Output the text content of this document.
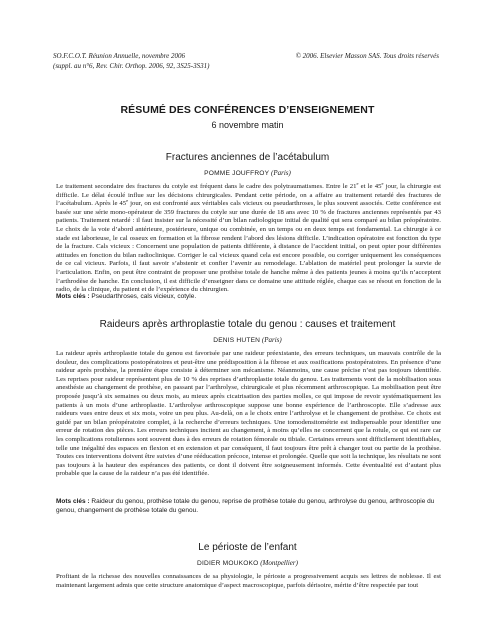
SO.F.C.O.T. Réunion Annuelle, novembre 2006
(suppl. au n°6, Rev. Chir. Orthop. 2006, 92, 3S25-3S31)
© 2006. Elsevier Masson SAS. Tous droits réservés
RÉSUMÉ DES CONFÉRENCES D’ENSEIGNEMENT
6 novembre matin
Fractures anciennes de l’acétabulum
POMME JOUFFROY (Paris)
Le traitement secondaire des fractures du cotyle est fréquent dans le cadre des polytraumatismes. Entre le 21e et le 45e jour, la chirurgie est difficile. Le délai écoulé influe sur les décisions chirurgicales. Pendant cette période, on a affaire au traitement retardé des fractures de l’acétabulum. Après le 45e jour, on est confronté aux véritables cals vicieux ou pseudarthroses, le plus souvent associés. Cette conférence est basée sur une série mono-opérateur de 359 fractures du cotyle sur une durée de 18 ans avec 10 % de fractures anciennes représentés par 43 patients. Traitement retardé : il faut insister sur la nécessité d’un bilan radiologique initial de qualité qui sera comparé au bilan préopératoire. Le choix de la voie d’abord antérieure, postérieure, unique ou combinée, en un temps ou en deux temps est fondamental. La chirurgie à ce stade est laborieuse, le cal osseux en formation et la fibrose rendent l’abord des lésions difficile. L’indication opératoire est fonction du type de la fracture. Cals vicieux : Concernent une population de patients différente, à distance de l’accident initial, on peut opter pour différentes attitudes en fonction du bilan radioclinique. Corriger le cal vicieux quand cela est encore possible, ou corriger uniquement les conséquences de ce cal vicieux. Parfois, il faut savoir s’abstenir et confier l’avenir au remodelage. L’ablation de matériel peut prolonger la survie de l’articulation. Enfin, on peut être contraint de proposer une prothèse totale de hanche même à des patients jeunes à moins qu’ils n’acceptent l’arthrodèse de hanche. En conclusion, il est difficile d’enseigner dans ce domaine une attitude réglée, chaque cas se résout en fonction de la radio, de la clinique, du patient et de l’expérience du chirurgien.
Mots clés : Pseudarthroses, cals vicieux, cotyle.
Raideurs après arthroplastie totale du genou : causes et traitement
DENIS HUTEN (Paris)
La raideur après arthroplastie totale du genou est favorisée par une raideur préexistante, des erreurs techniques, un mauvais contrôle de la douleur, des complications postopératoires et peut-être une prédisposition à la fibrose et aux ossifications postopératoires. En présence d’une raideur après prothèse, la première étape consiste à déterminer son mécanisme. Néanmoins, une cause précise n’est pas toujours identifiée. Les reprises pour raideur représentent plus de 10 % des reprises d’arthroplastie totale du genou. Les traitements vont de la mobilisation sous anesthésie au changement de prothèse, en passant par l’arthrolyse, chirurgicale et plus récemment arthroscopique. La mobilisation peut être proposée jusqu’à six semaines ou deux mois, au mieux après cicatrisation des parties molles, ce qui impose de revoir systématiquement les patients à un mois d’une arthroplastie. L’arthrolyse arthroscopique suppose une bonne expérience de l’arthroscopie. Elle s’adresse aux raideurs vues entre deux et six mois, voire un peu plus. Au-delà, on a le choix entre l’arthrolyse et le changement de prothèse. Ce choix est guidé par un bilan préopératoire complet, à la recherche d’erreurs techniques. Une tomodensitométrie est indispensable pour identifier une erreur de rotation des pièces. Les erreurs techniques incitent au changement, à moins qu’elles ne concernent que la rotule, ce qui est rare car les complications rotuliennes sont souvent dues à des erreurs de rotation fémorale ou tibiale. Certaines erreurs sont difficilement identifiables, telle une inégalité des espaces en flexion et en extension et par conséquent, il faut toujours être prêt à changer tout ou partie de la prothèse. Toutes ces interventions doivent être suivies d’une rééducation précoce, intense et prolongée. Quelle que soit la technique, les résultats ne sont pas toujours à la hauteur des espérances des patients, ce dont il doivent être soigneusement informés. Cette éventualité est d’autant plus probable que la cause de la raideur n’a pas été identifiée.
Mots clés : Raideur du genou, prothèse totale du genou, reprise de prothèse totale du genou, arthrolyse du genou, arthroscopie du genou, changement de prothèse totale du genou.
Le périoste de l’enfant
DIDIER MOUKOKO (Montpellier)
Profitant de la richesse des nouvelles connaissances de sa physiologie, le périoste a progressivement acquis ses lettres de noblesse. Il est maintenant largement admis que cette structure anatomique d’aspect macroscopique, parfois dérisoire, mérite d’être respectée par tout
